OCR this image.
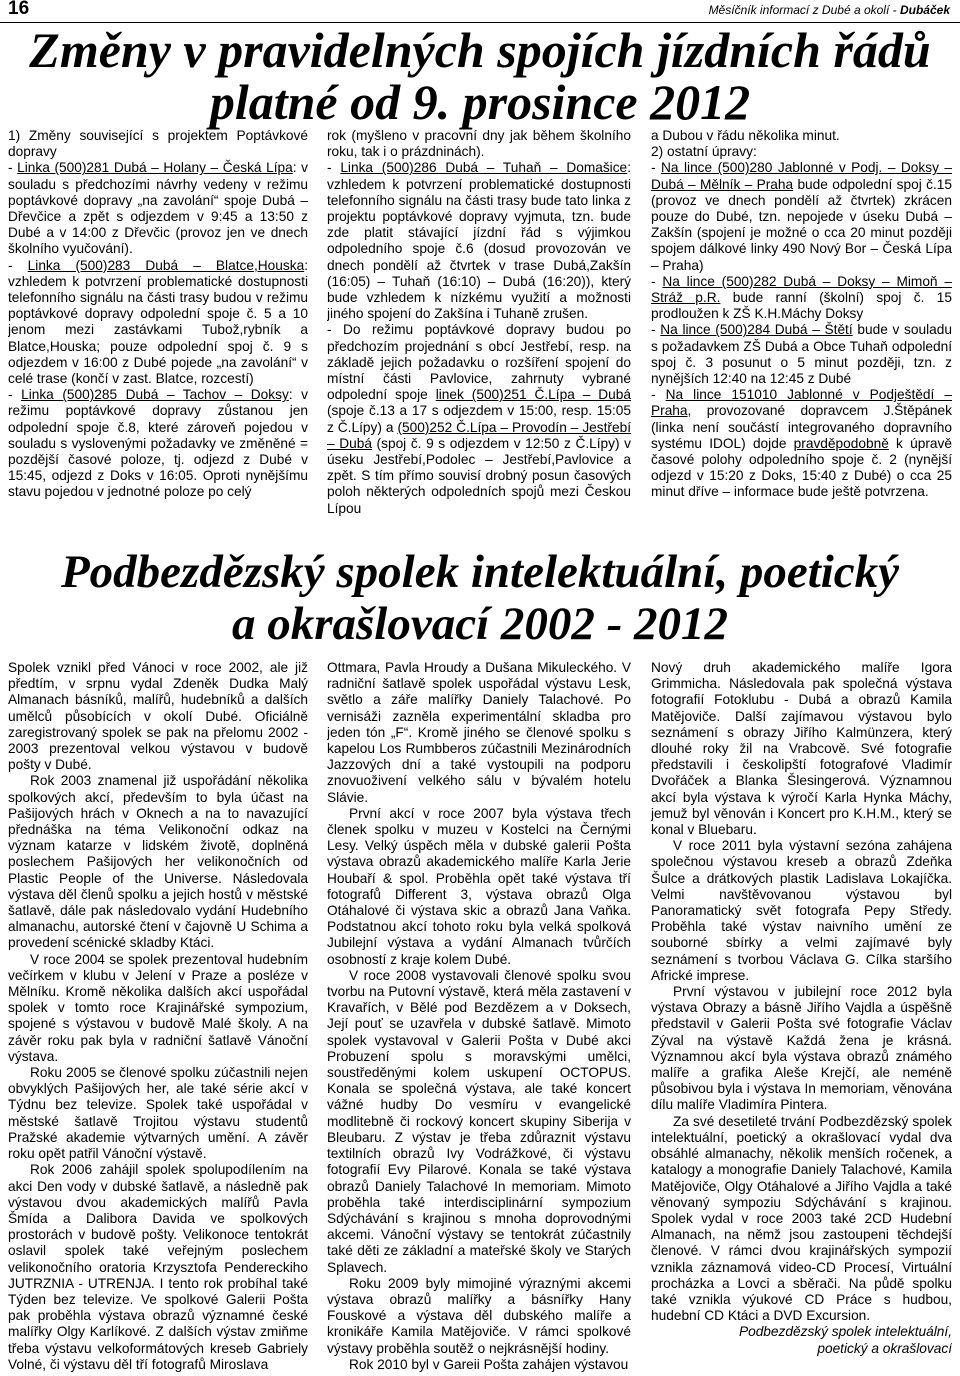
16	Měsíčník informací z Dubé a okolí - Dubáček
Změny v pravidelných spojích jízdních řádů
platné od 9. prosince 2012

1) Změny související s projektem Poptávkové dopravy

- Linka (500)281 Dubá – Holany – Česká Lípa: v souladu s předchozími návrhy vedeny v režimu poptávkové dopravy „na zavolání“ spoje Dubá – Dřevčice a zpět s odjezdem v 9:45 a 13:50 z Dubé a v 14:00 z Dřevčic (provoz jen ve dnech školního vyučování).

- Linka (500)283 Dubá – Blatce,Houska: vzhledem k potvrzení problematické dostupnosti telefonního signálu na části trasy budou v režimu poptávkové dopravy odpolední spoje č. 5 a 10 jenom mezi zastávkami Tubož,rybník a Blatce,Houska; pouze odpolední spoj č. 9 s odjezdem v 16:00 z Dubé pojede „na zavolání“ v celé trase (končí v zast. Blatce, rozcestí)

- Linka (500)285 Dubá – Tachov – Doksy: v režimu poptávkové dopravy zůstanou jen odpolední spoje č.8, které zároveň pojedou v souladu s vyslovenými požadavky ve změněné = pozdější časové poloze, tj. odjezd z Dubé v 15:45, odjezd z Doks v 16:05. Oproti nynějšímu stavu pojedou v jednotné poloze po celý

rok (myšleno v pracovní dny jak během školního roku, tak i o prázdninách).

- Linka (500)286 Dubá – Tuhaň – Domašice: vzhledem k potvrzení problematické dostupnosti telefonního signálu na části trasy bude tato linka z projektu poptávkové dopravy vyjmuta, tzn. bude zde platit stávající jízdní řád s výjimkou odpoledního spoje č.6 (dosud provozován ve dnech pondělí až čtvrtek v trase Dubá,Zakšín (16:05) – Tuhaň (16:10) – Dubá (16:20)), který bude vzhledem k nízkému využití a možnosti jiného spojení do Zakšína i Tuhaně zrušen.

- Do režimu poptávkové dopravy budou po předchozím projednání s obcí Jestřebí, resp. na základě jejich požadavku o rozšíření spojení do místní části Pavlovice, zahrnuty vybrané odpolední spoje linek (500)251 Č.Lípa – Dubá (spoje č.13 a 17 s odjezdem v 15:00, resp. 15:05 z Č.Lípy) a (500)252 Č.Lípa – Provodín – Jestřebí – Dubá (spoj č. 9 s odjezdem v 12:50 z Č.Lípy) v úseku Jestřebí,Podolec – Jestřebí,Pavlovice a zpět. S tím přímo souvisí drobný posun časových poloh některých odpoledních spojů mezi Českou Lípou

a Dubou v řádu několika minut.

2) ostatní úpravy:

- Na lince (500)280 Jablonné v Podj. – Doksy – Dubá – Mělník – Praha bude odpolední spoj č.15 (provoz ve dnech pondělí až čtvrtek) zkrácen pouze do Dubé, tzn. nepojede v úseku Dubá – Zakšín (spojení je možné o cca 20 minut později spojem dálkové linky 490 Nový Bor – Česká Lípa – Praha)

- Na lince (500)282 Dubá – Doksy – Mimoň – Stráž p.R. bude ranní (školní) spoj č. 15 prodloužen k ZŠ K.H.Máchy Doksy

- Na lince (500)284 Dubá – Štětí bude v souladu s požadavkem ZŠ Dubá a Obce Tuhaň odpolední spoj č. 3 posunut o 5 minut později, tzn. z nynějších 12:40 na 12:45 z Dubé

- Na lince 151010 Jablonné v Podještědí – Praha, provozované dopravcem J.Štěpánek (linka není součástí integrovaného dopravního systému IDOL) dojde pravděpodobně k úpravě časové polohy odpoledního spoje č. 2 (nynější odjezd v 15:20 z Doks, 15:40 z Dubé) o cca 25 minut dříve – informace bude ještě potvrzena.

Podbezdězský spolek intelektuální, poetický
a okrašlovací 2002 - 2012

Spolek vznikl před Vánoci v roce 2002, ale již předtím, v srpnu vydal Zdeněk Dudka Malý Almanach básníků, malířů, hudebníků a dalších umělců působících v okolí Dubé. Oficiálně zaregistrovaný spolek se pak na přelomu 2002 - 2003 prezentoval velkou výstavou v budově pošty v Dubé.

Rok 2003 znamenal již uspořádání několika spolkových akcí, především to byla účast na Pašijových hrách v Oknech a na to navazující přednáška na téma Velikonoční odkaz na význam katarze v lidském životě, doplněná poslechem Pašijových her velikonočních od Plastic People of the Universe. Následovala výstava děl členů spolku a jejich hostů v městské šatlavě, dále pak následovalo vydání Hudebního almanachu, autorské čtení v čajovně U Schima a provedení scénické skladby Ktáci.

V roce 2004 se spolek prezentoval hudebním večírkem v klubu v Jelení v Praze a posléze v Mělníku. Kromě několika dalších akcí uspořádal spolek v tomto roce Krajinářské sympozium, spojené s výstavou v budově Malé školy. A na závěr roku pak byla v radniční šatlavě Vánoční výstava.

Roku 2005 se členové spolku zúčastnili nejen obvyklých Pašijových her, ale také série akcí v Týdnu bez televize. Spolek také uspořádal v městské šatlavě Trojitou výstavu studentů Pražské akademie výtvarných umění. A závěr roku opět patřil Vánoční výstavě.

Rok 2006 zahájil spolek spolupodílením na akci Den vody v dubské šatlavě, a následně pak výstavou dvou akademických malířů Pavla Šmída a Dalibora Davida ve spolkových prostorách v budově pošty. Velikonoce tentokrát oslavil spolek také veřejným poslechem velikonočního oratoria Krzysztofa Pendereckiho JUTRZNIA - UTRENJA. I tento rok probíhal také Týden bez televize. Ve spolkové Galerii Pošta pak proběhla výstava obrazů významné české malířky Olgy Karlíkové. Z dalších výstav zmiňme třeba výstavu velkoformátových kreseb Gabriely Volné, či výstavu děl tří fotografů Miroslava

Ottmara, Pavla Hroudy a Dušana Mikuleckého. V radniční šatlavě spolek uspořádal výstavu Lesk, světlo a záře malířky Daniely Talachové. Po vernisáži zazněla experimentální skladba pro jeden tón „F“. Kromě jiného se členové spolku s kapelou Los Rumbberos zúčastnili Mezinárodních Jazzových dní a také vystoupili na podporu znovuoživení velkého sálu v bývalém hotelu Slávie.

První akcí v roce 2007 byla výstava třech členek spolku v muzeu v Kostelci na Černými Lesy. Velký úspěch měla v dubské galerii Pošta výstava obrazů akademického malíře Karla Jerie Houbaří & spol. Proběhla opět také výstava tří fotografů Different 3, výstava obrazů Olga Otáhalové či výstava skic a obrazů Jana Vaňka. Podstatnou akcí tohoto roku byla velká spolková Jubilejní výstava a vydání Almanach tvůrčích osobností z kraje kolem Dubé.

V roce 2008 vystavovali členové spolku svou tvorbu na Putovní výstavě, která měla zastavení v Kravařích, v Bělé pod Bezdězem a v Doksech, Její pouť se uzavřela v dubské šatlavě. Mimoto spolek vystavoval v Galerii Pošta v Dubé akci Probuzení spolu s moravskými umělci, soustředěnými kolem uskupení OCTOPUS. Konala se společná výstava, ale také koncert vážné hudby Do vesmíru v evangelické modlitebně či rockový koncert skupiny Siberija v Bleubaru. Z výstav je třeba zdůraznit výstavu textilních obrazů Ivy Vodrážkové, či výstavu fotografií Evy Pilarové. Konala se také výstava obrazů Daniely Talachové In memoriam. Mimoto proběhla také interdisciplinární sympozium Sdýchávání s krajinou s mnoha doprovodnými akcemi. Vánoční výstavy se tentokrát zúčastnily také děti ze základní a mateřské školy ve Starých Splavech.

Roku 2009 byly mimojiné výraznými akcemi výstava obrazů malířky a básnířky Hany Fouskové a výstava děl dubského malíře a kronikáře Kamila Matějoviče. V rámci spolkové výstavy proběhla soutěž o nejkrásnější hodiny.

Rok 2010 byl v Gareii Pošta zahájen výstavou

Nový druh akademického malíře Igora Grimmicha. Následovala pak společná výstava fotografií Fotoklubu - Dubá a obrazů Kamila Matějoviče. Další zajímavou výstavou bylo seznámení s obrazy Jiřího Kalmünzera, který dlouhé roky žil na Vrabcově. Své fotografie představili i českolipští fotografové Vladimír Dvořáček a Blanka Šlesingerová. Významnou akcí byla výstava k výročí Karla Hynka Máchy, jemuž byl věnován i Koncert pro K.H.M., který se konal v Bluebaru.

V roce 2011 byla výstavní sezóna zahájena společnou výstavou kreseb a obrazů Zdeňka Šulce a drátkových plastik Ladislava Lokajíčka. Velmi navštěvovanou výstavou byl Panoramatický svět fotografa Pepy Středy. Proběhla také výstav naivního umění ze souborné sbírky a velmi zajímavé byly seznámení s tvorbou Václava G. Cílka staršího Africké imprese.

První výstavou v jubilejní roce 2012 byla výstava Obrazy a básně Jiřího Vajdla a úspěšně představil v Galerii Pošta své fotografie Václav Zýval na výstavě Každá žena je krásná. Významnou akcí byla výstava obrazů známého malíře a grafika Aleše Krejčí, ale neméně působivou byla i výstava In memoriam, věnována dílu malíře Vladimíra Pintera.

Za své desetileté trvání Podbezdězský spolek intelektuální, poetický a okrašlovací vydal dva obsáhlé almanachy, několik menších ročenek, a katalogy a monografie Daniely Talachové, Kamila Matějoviče, Olgy Otáhalové a Jiřího Vajdla a také věnovaný sympoziu Sdýchávání s krajinou. Spolek vydal v roce 2003 také 2CD Hudební Almanach, na němž jsou zastoupeni těchdejší členové. V rámci dvou krajinářských sympozií vznikla záznamová video-CD Procesí, Virtuální procházka a Lovci a sběrači. Na půdě spolku také vznikla výukové CD Práce s hudbou, hudební CD Ktáci a DVD Excursion.

Podbezdězský spolek intelektuální,
poetický a okrašlovací
